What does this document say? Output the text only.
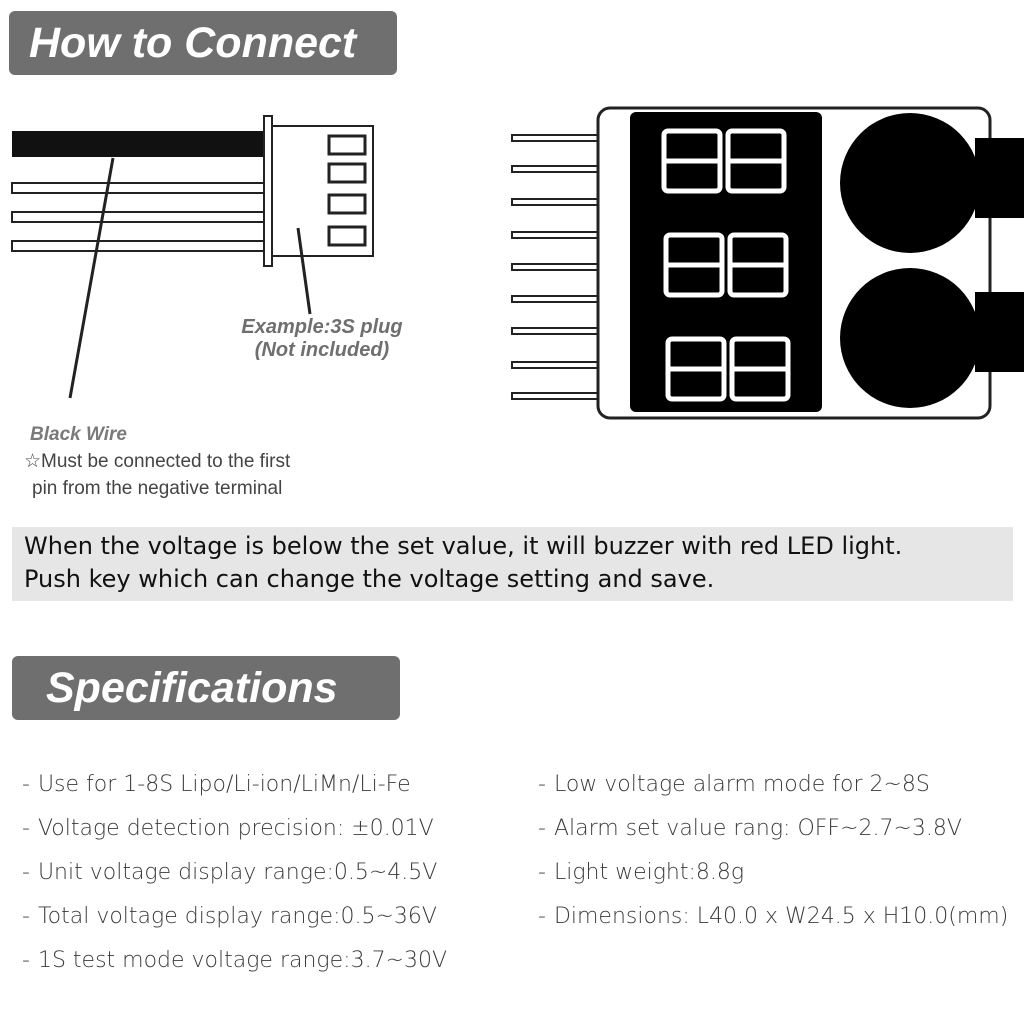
How to Connect
Example:3S plug
(Not included)
Black Wire
☆Must be connected to the first
pin from the negative terminal
When the voltage is below the set value, it will buzzer with red LED light.
Push key which can change the voltage setting and save.
Specifications
- Use for 1-8S Lipo/Li-ion/LiMn/Li-Fe
- Voltage detection precision: ±0.01V
- Unit voltage display range:0.5~4.5V
- Total voltage display range:0.5~36V
- 1S test mode voltage range:3.7~30V
- Low voltage alarm mode for 2~8S
- Alarm set value rang: OFF~2.7~3.8V
- Light weight:8.8g
- Dimensions: L40.0 x W24.5 x H10.0(mm)
